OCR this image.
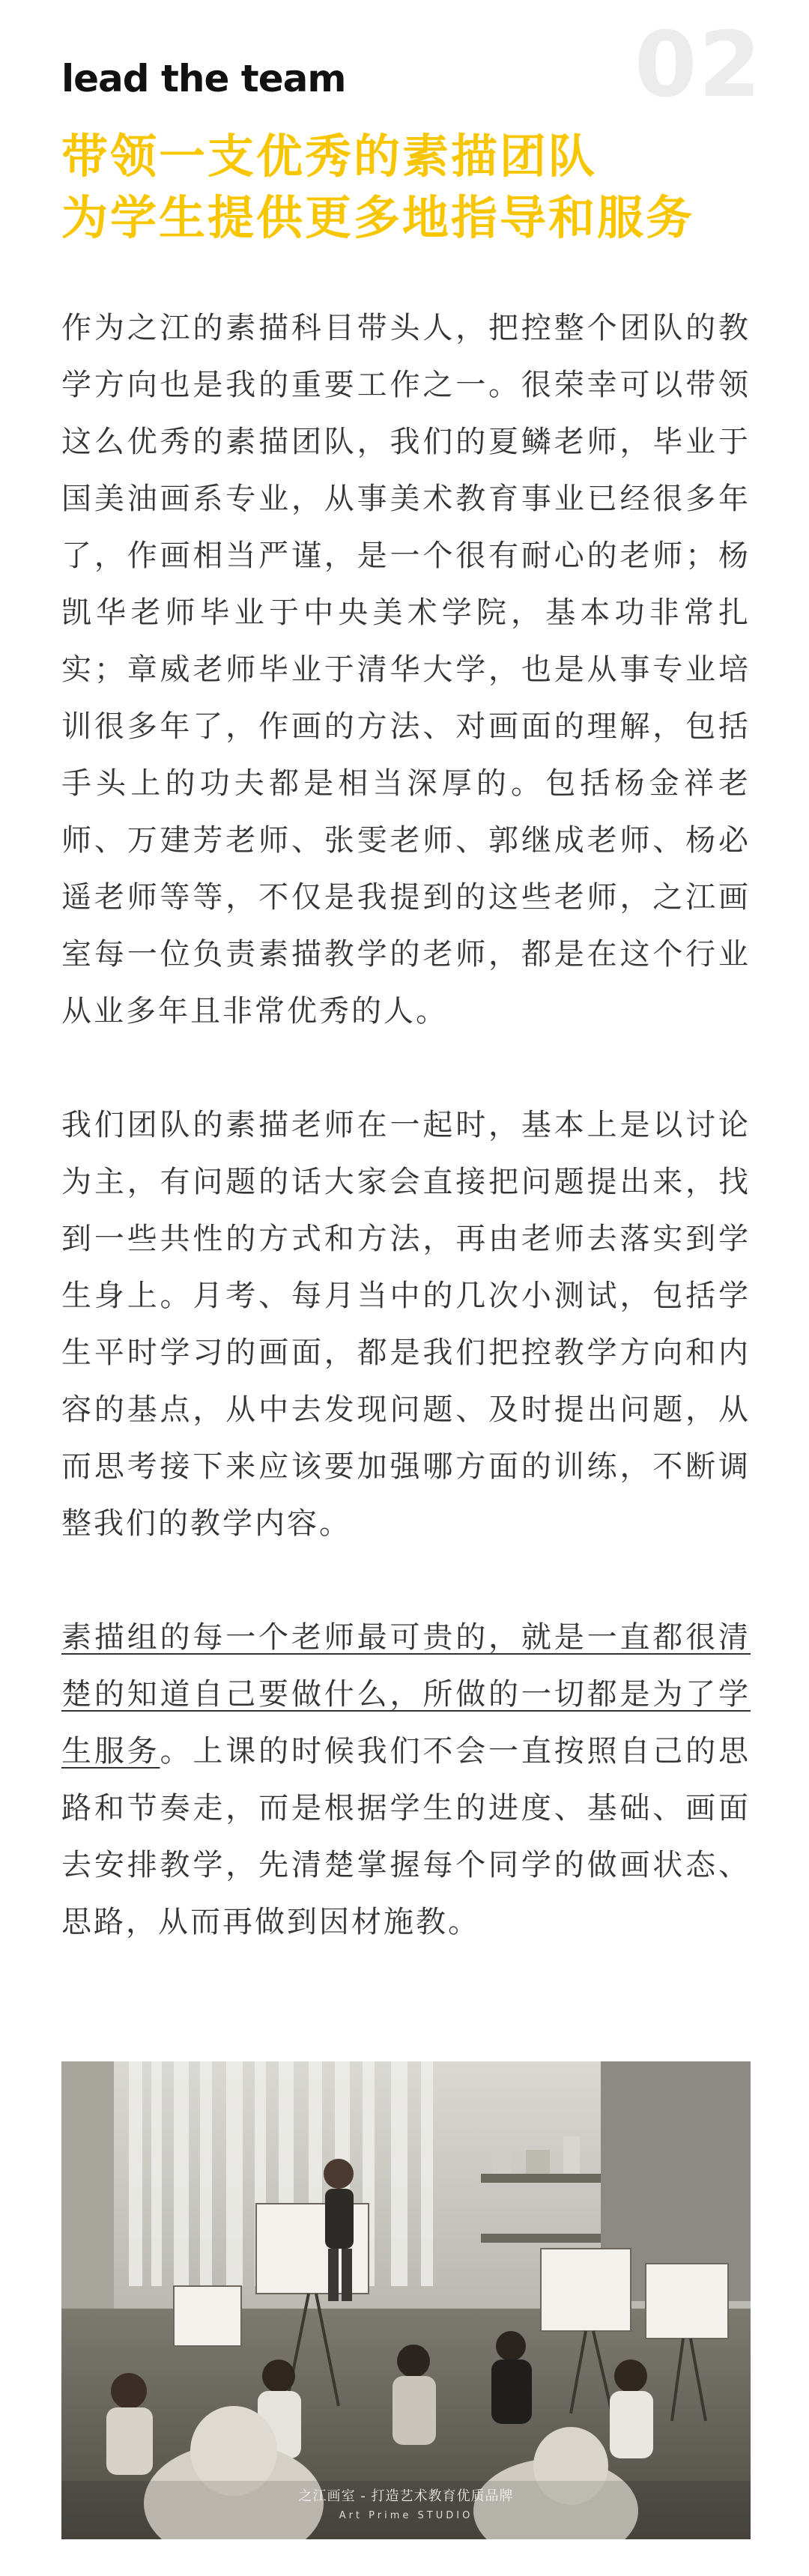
02
lead the team
带领一支优秀的素描团队
为学生提供更多地指导和服务

作为之江的素描科目带头人，把控整个团队的教学方向也是我的重要工作之一。很荣幸可以带领这么优秀的素描团队，我们的夏鳞老师，毕业于国美油画系专业，从事美术教育事业已经很多年了，作画相当严谨，是一个很有耐心的老师；杨凯华老师毕业于中央美术学院，基本功非常扎实；章威老师毕业于清华大学，也是从事专业培训很多年了，作画的方法、对画面的理解，包括手头上的功夫都是相当深厚的。包括杨金祥老师、万建芳老师、张雯老师、郭继成老师、杨必遥老师等等，不仅是我提到的这些老师，之江画室每一位负责素描教学的老师，都是在这个行业从业多年且非常优秀的人。

我们团队的素描老师在一起时，基本上是以讨论为主，有问题的话大家会直接把问题提出来，找到一些共性的方式和方法，再由老师去落实到学生身上。月考、每月当中的几次小测试，包括学生平时学习的画面，都是我们把控教学方向和内容的基点，从中去发现问题、及时提出问题，从而思考接下来应该要加强哪方面的训练，不断调整我们的教学内容。

素描组的每一个老师最可贵的，就是一直都很清楚的知道自己要做什么，所做的一切都是为了学生服务。上课的时候我们不会一直按照自己的思路和节奏走，而是根据学生的进度、基础、画面去安排教学，先清楚掌握每个同学的做画状态、思路，从而再做到因材施教。

之江画室 - 打造艺术教育优质品牌
Art Prime STUDIO
